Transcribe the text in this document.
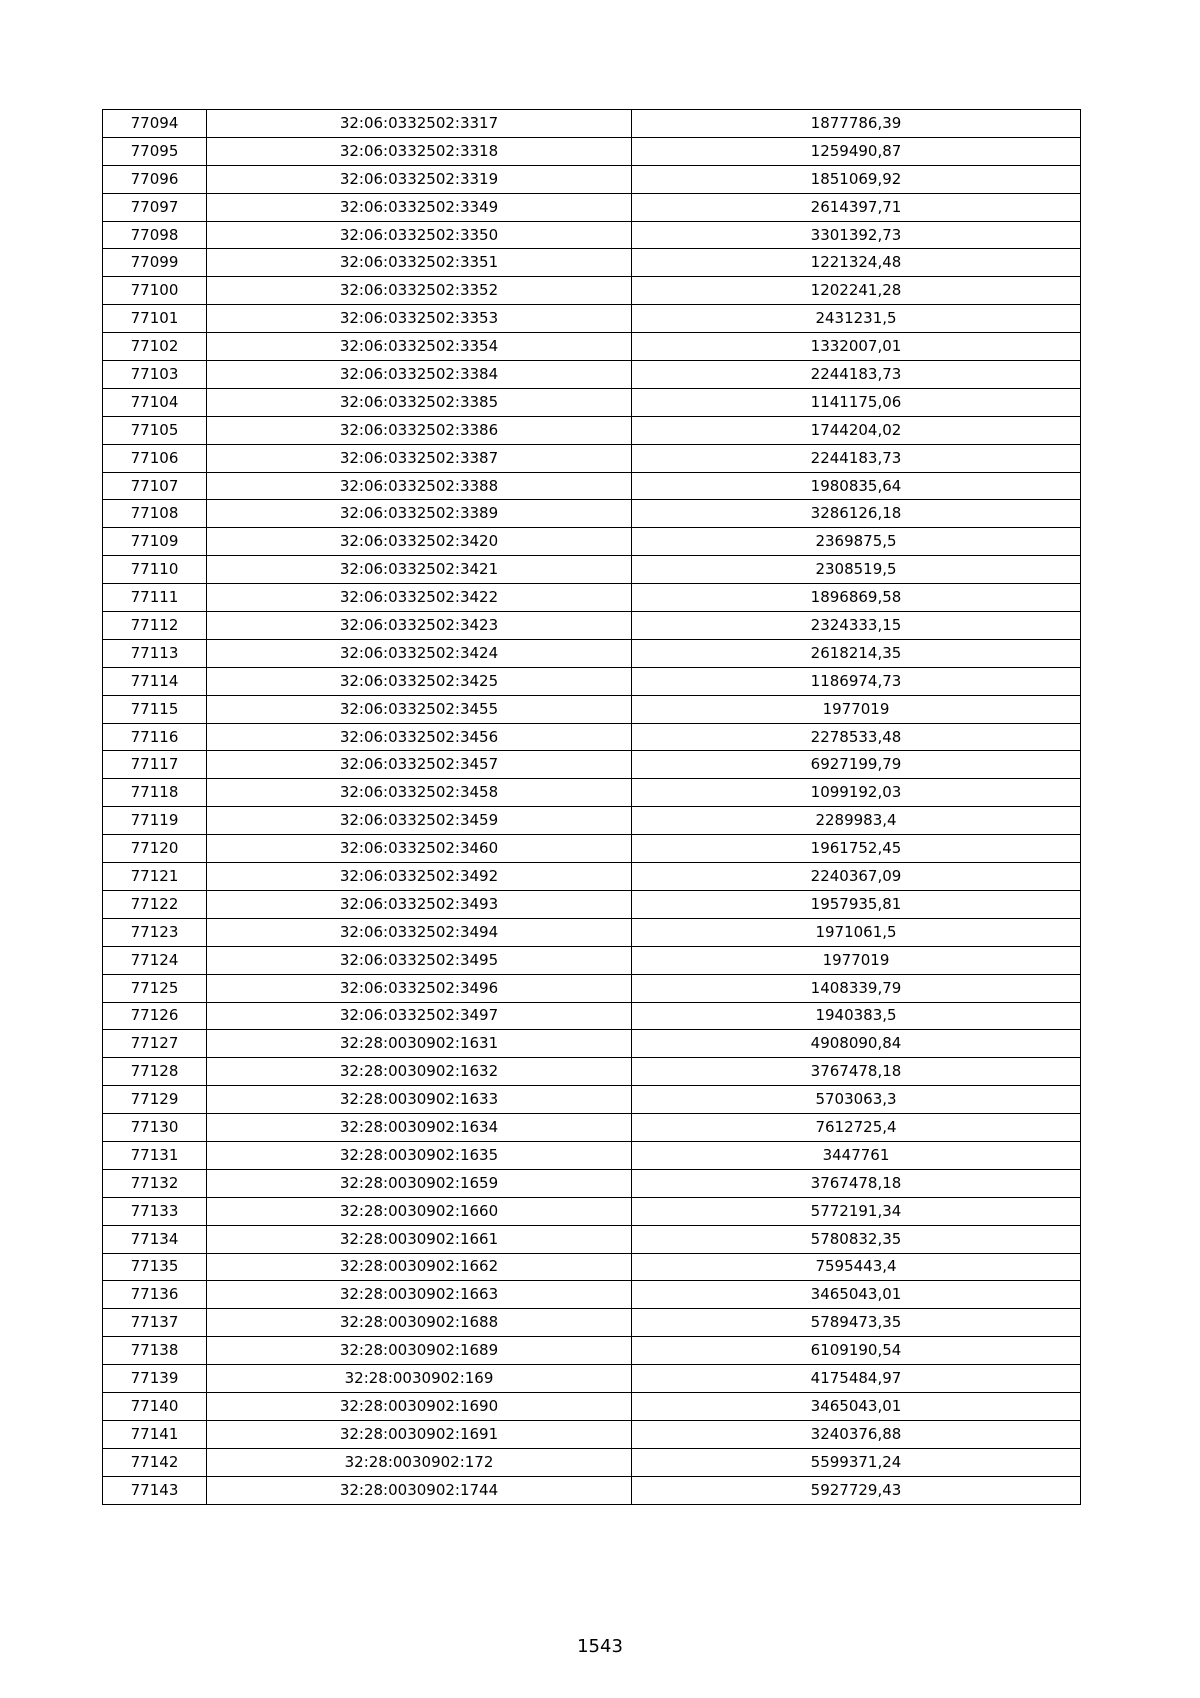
77094	32:06:0332502:3317	1877786,39
77095	32:06:0332502:3318	1259490,87
77096	32:06:0332502:3319	1851069,92
77097	32:06:0332502:3349	2614397,71
77098	32:06:0332502:3350	3301392,73
77099	32:06:0332502:3351	1221324,48
77100	32:06:0332502:3352	1202241,28
77101	32:06:0332502:3353	2431231,5
77102	32:06:0332502:3354	1332007,01
77103	32:06:0332502:3384	2244183,73
77104	32:06:0332502:3385	1141175,06
77105	32:06:0332502:3386	1744204,02
77106	32:06:0332502:3387	2244183,73
77107	32:06:0332502:3388	1980835,64
77108	32:06:0332502:3389	3286126,18
77109	32:06:0332502:3420	2369875,5
77110	32:06:0332502:3421	2308519,5
77111	32:06:0332502:3422	1896869,58
77112	32:06:0332502:3423	2324333,15
77113	32:06:0332502:3424	2618214,35
77114	32:06:0332502:3425	1186974,73
77115	32:06:0332502:3455	1977019
77116	32:06:0332502:3456	2278533,48
77117	32:06:0332502:3457	6927199,79
77118	32:06:0332502:3458	1099192,03
77119	32:06:0332502:3459	2289983,4
77120	32:06:0332502:3460	1961752,45
77121	32:06:0332502:3492	2240367,09
77122	32:06:0332502:3493	1957935,81
77123	32:06:0332502:3494	1971061,5
77124	32:06:0332502:3495	1977019
77125	32:06:0332502:3496	1408339,79
77126	32:06:0332502:3497	1940383,5
77127	32:28:0030902:1631	4908090,84
77128	32:28:0030902:1632	3767478,18
77129	32:28:0030902:1633	5703063,3
77130	32:28:0030902:1634	7612725,4
77131	32:28:0030902:1635	3447761
77132	32:28:0030902:1659	3767478,18
77133	32:28:0030902:1660	5772191,34
77134	32:28:0030902:1661	5780832,35
77135	32:28:0030902:1662	7595443,4
77136	32:28:0030902:1663	3465043,01
77137	32:28:0030902:1688	5789473,35
77138	32:28:0030902:1689	6109190,54
77139	32:28:0030902:169	4175484,97
77140	32:28:0030902:1690	3465043,01
77141	32:28:0030902:1691	3240376,88
77142	32:28:0030902:172	5599371,24
77143	32:28:0030902:1744	5927729,43
1543
